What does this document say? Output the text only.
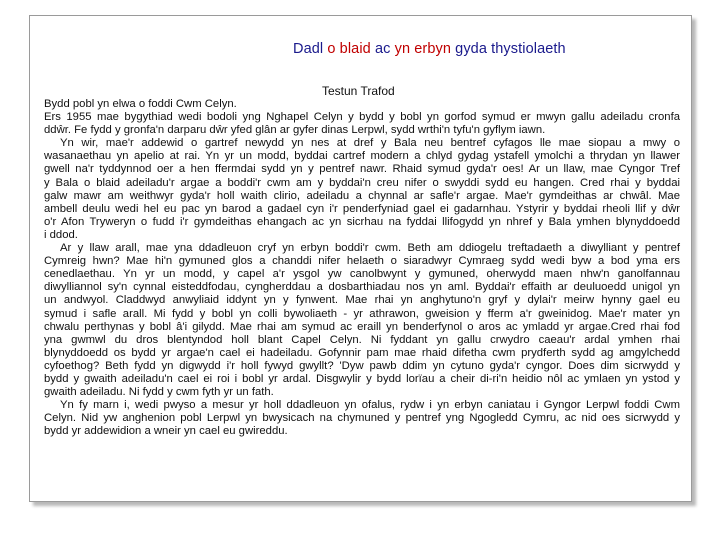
Dadl o blaid ac yn erbyn gyda thystiolaeth
Testun Trafod
Bydd pobl yn elwa o foddi Cwm Celyn.
Ers 1955 mae bygythiad wedi bodoli yng Nghapel Celyn y bydd y bobl yn gorfod symud er mwyn gallu adeiladu cronfa
ddŵr. Fe fydd y gronfa'n darparu dŵr yfed glân ar gyfer dinas Lerpwl, sydd wrthi'n tyfu'n gyflym iawn.
Yn wir, mae'r addewid o gartref newydd yn nes at dref y Bala neu bentref cyfagos lle mae siopau a mwy o
wasanaethau yn apelio at rai. Yn yr un modd, byddai cartref modern a chlyd gydag ystafell ymolchi a thrydan yn llawer
gwell na'r tyddynnod oer a hen ffermdai sydd yn y pentref nawr. Rhaid symud gyda'r oes! Ar un llaw, mae Cyngor Tref
y Bala o blaid adeiladu'r argae a boddi'r cwm am y byddai'n creu nifer o swyddi sydd eu hangen. Cred rhai y byddai
galw mawr am weithwyr gyda'r holl waith clirio, adeiladu a chynnal ar safle'r argae. Mae'r gymdeithas ar chwâl. Mae
ambell deulu wedi hel eu pac yn barod a gadael cyn i'r penderfyniad gael ei gadarnhau. Ystyrir y byddai rheoli llif y dŵr
o'r Afon Tryweryn o fudd i'r gymdeithas ehangach ac yn sicrhau na fyddai llifogydd yn nhref y Bala ymhen blynyddoedd
i ddod.
Ar y llaw arall, mae yna ddadleuon cryf yn erbyn boddi'r cwm. Beth am ddiogelu treftadaeth a diwylliant y pentref
Cymreig hwn? Mae hi'n gymuned glos a chanddi nifer helaeth o siaradwyr Cymraeg sydd wedi byw a bod yma ers
cenedlaethau. Yn yr un modd, y capel a'r ysgol yw canolbwynt y gymuned, oherwydd maen nhw'n ganolfannau
diwylliannol sy'n cynnal eisteddfodau, cyngherddau a dosbarthiadau nos yn aml. Byddai'r effaith ar deuluoedd unigol yn
un andwyol. Claddwyd anwyliaid iddynt yn y fynwent. Mae rhai yn anghytuno'n gryf y dylai'r meirw hynny gael eu
symud i safle arall. Mi fydd y bobl yn colli bywoliaeth - yr athrawon, gweision y fferm a'r gweinidog. Mae'r mater yn
chwalu perthynas y bobl â'i gilydd. Mae rhai am symud ac eraill yn benderfynol o aros ac ymladd yr argae.Cred rhai fod
yna gwmwl du dros blentyndod holl blant Capel Celyn. Ni fyddant yn gallu crwydro caeau'r ardal ymhen rhai
blynyddoedd os bydd yr argae'n cael ei hadeiladu. Gofynnir pam mae rhaid difetha cwm prydferth sydd ag amgylchedd
cyfoethog? Beth fydd yn digwydd i'r holl fywyd gwyllt? 'Dyw pawb ddim yn cytuno gyda'r cyngor. Does dim sicrwydd y
bydd y gwaith adeiladu'n cael ei roi i bobl yr ardal. Disgwylir y bydd lorïau a cheir di-ri'n heidio nôl ac ymlaen yn ystod y
gwaith adeiladu. Ni fydd y cwm fyth yr un fath.
Yn fy marn i, wedi pwyso a mesur yr holl ddadleuon yn ofalus, rydw i yn erbyn caniatau i Gyngor Lerpwl foddi Cwm
Celyn. Nid yw anghenion pobl Lerpwl yn bwysicach na chymuned y pentref yng Ngogledd Cymru, ac nid oes sicrwydd y
bydd yr addewidion a wneir yn cael eu gwireddu.
